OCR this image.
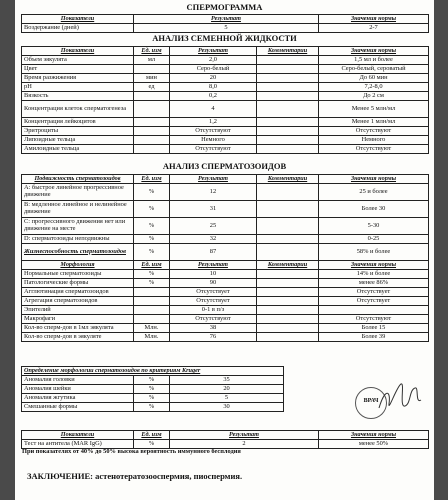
СПЕРМОГРАММА
Показатели	Результат	Значения нормы
Воздержание (дней)	5	2-7
АНАЛИЗ СЕМЕННОЙ ЖИДКОСТИ
Показатели	Ед. изм	Результат	Комментарии	Значения нормы
Объем эякулята	мл	2,0		1,5 мл и более
Цвет		Серо-белый		Серо-белый, сероватый
Время разжижения	мин	20		До 60 мин
pH	ед	8,0		7,2-8,0
Вязкость		0,2		До 2 см
Концентрация клеток сперматогенеза		4		Менее 5 млн/мл
Концентрация лейкоцитов		1,2		Менее 1 млн/мл
Эритроциты		Отсутствуют		Отсутствуют
Липоидные тельца		Немного		Немного
Амилоидные тельца		Отсутствуют		Отсутствуют
АНАЛИЗ СПЕРМАТОЗОИДОВ
Подвижность сперматозоидов	Ед. изм	Результат	Комментарии	Значения нормы
A: быстрое линейное прогрессивное движение	%	12		25 и более
B: медленное линейное и нелинейное движение	%	31		Более 30
C: прогрессивного движения нет или движение на месте	%	25		5-30
D: сперматозоиды неподвижны	%	32		0-25
Жизнеспособность сперматозоидов	%	87		58% и более
Морфология	Ед. изм	Результат	Комментарии	Значения нормы
Нормальные сперматозоиды	%	10		14% и более
Патологические формы	%	90		менее 86%
Агглютинация сперматозоидов		Отсутствует		Отсутствует
Агрегация сперматозоидов		Отсутствует		Отсутствует
Эпителий		0-1 в п/з		
Макрофаги		Отсутствуют		Отсутствуют
Кол-во сперм-дов в 1мл эякулята	Млн.	38		Более 15
Кол-во сперм-дов в эякуляте	Млн.	76		Более 39
Определение морфологии сперматозоидов по критериям Kruger		
Аномалия головки	%	35
Аномалия шейки	%	20
Аномалия жгутика	%	5
Смешанные формы	%	30
ВРАЧ
Показатели	Ед. изм	Результат	Значения нормы
Тест на антитела (MAR IgG)	%	2	менее 50%
При показателях от 40% до 50% высока вероятность иммунного бесплодия
ЗАКЛЮЧЕНИЕ: астенотератозооспермия, пиоспермия.
